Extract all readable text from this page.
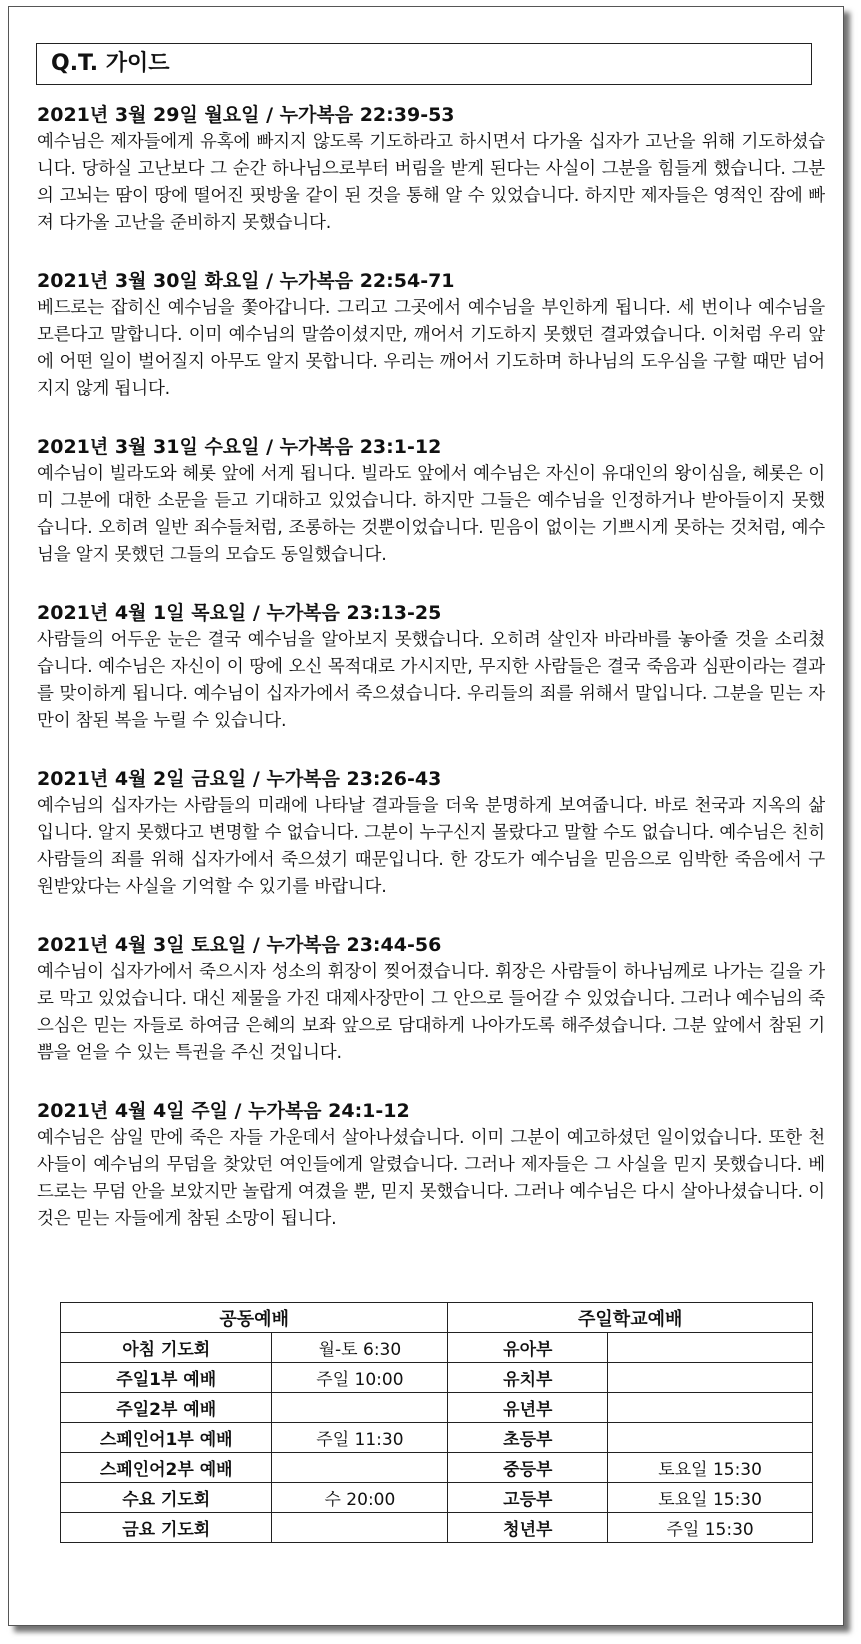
Q.T. 가이드

2021년 3월 29일 월요일 / 누가복음 22:39-53

예수님은 제자들에게 유혹에 빠지지 않도록 기도하라고 하시면서 다가올 십자가 고난을 위해 기도하셨습니다. 당하실 고난보다 그 순간 하나님으로부터 버림을 받게 된다는 사실이 그분을 힘들게 했습니다. 그분의 고뇌는 땀이 땅에 떨어진 핏방울 같이 된 것을 통해 알 수 있었습니다. 하지만 제자들은 영적인 잠에 빠져 다가올 고난을 준비하지 못했습니다.

2021년 3월 30일 화요일 / 누가복음 22:54-71

베드로는 잡히신 예수님을 쫓아갑니다. 그리고 그곳에서 예수님을 부인하게 됩니다. 세 번이나 예수님을 모른다고 말합니다. 이미 예수님의 말씀이셨지만, 깨어서 기도하지 못했던 결과였습니다. 이처럼 우리 앞에 어떤 일이 벌어질지 아무도 알지 못합니다. 우리는 깨어서 기도하며 하나님의 도우심을 구할 때만 넘어지지 않게 됩니다.

2021년 3월 31일 수요일 / 누가복음 23:1-12

예수님이 빌라도와 헤롯 앞에 서게 됩니다. 빌라도 앞에서 예수님은 자신이 유대인의 왕이심을, 헤롯은 이미 그분에 대한 소문을 듣고 기대하고 있었습니다. 하지만 그들은 예수님을 인정하거나 받아들이지 못했습니다. 오히려 일반 죄수들처럼, 조롱하는 것뿐이었습니다. 믿음이 없이는 기쁘시게 못하는 것처럼, 예수님을 알지 못했던 그들의 모습도 동일했습니다.

2021년 4월 1일 목요일 / 누가복음 23:13-25

사람들의 어두운 눈은 결국 예수님을 알아보지 못했습니다. 오히려 살인자 바라바를 놓아줄 것을 소리쳤습니다. 예수님은 자신이 이 땅에 오신 목적대로 가시지만, 무지한 사람들은 결국 죽음과 심판이라는 결과를 맞이하게 됩니다. 예수님이 십자가에서 죽으셨습니다. 우리들의 죄를 위해서 말입니다. 그분을 믿는 자만이 참된 복을 누릴 수 있습니다.

2021년 4월 2일 금요일 / 누가복음 23:26-43

예수님의 십자가는 사람들의 미래에 나타날 결과들을 더욱 분명하게 보여줍니다. 바로 천국과 지옥의 삶입니다. 알지 못했다고 변명할 수 없습니다. 그분이 누구신지 몰랐다고 말할 수도 없습니다. 예수님은 친히 사람들의 죄를 위해 십자가에서 죽으셨기 때문입니다. 한 강도가 예수님을 믿음으로 임박한 죽음에서 구원받았다는 사실을 기억할 수 있기를 바랍니다.

2021년 4월 3일 토요일 / 누가복음 23:44-56

예수님이 십자가에서 죽으시자 성소의 휘장이 찢어졌습니다. 휘장은 사람들이 하나님께로 나가는 길을 가로 막고 있었습니다. 대신 제물을 가진 대제사장만이 그 안으로 들어갈 수 있었습니다. 그러나 예수님의 죽으심은 믿는 자들로 하여금 은혜의 보좌 앞으로 담대하게 나아가도록 해주셨습니다. 그분 앞에서 참된 기쁨을 얻을 수 있는 특권을 주신 것입니다.

2021년 4월 4일 주일 / 누가복음 24:1-12

예수님은 삼일 만에 죽은 자들 가운데서 살아나셨습니다. 이미 그분이 예고하셨던 일이었습니다. 또한 천사들이 예수님의 무덤을 찾았던 여인들에게 알렸습니다. 그러나 제자들은 그 사실을 믿지 못했습니다. 베드로는 무덤 안을 보았지만 놀랍게 여겼을 뿐, 믿지 못했습니다. 그러나 예수님은 다시 살아나셨습니다. 이것은 믿는 자들에게 참된 소망이 됩니다.

공동예배		주일학교예배	
아침 기도회	월-토 6:30	유아부	
주일1부 예배	주일 10:00	유치부	
주일2부 예배		유년부	
스페인어1부 예배	주일 11:30	초등부	
스페인어2부 예배		중등부	토요일 15:30
수요 기도회	수 20:00	고등부	토요일 15:30
금요 기도회		청년부	주일 15:30
